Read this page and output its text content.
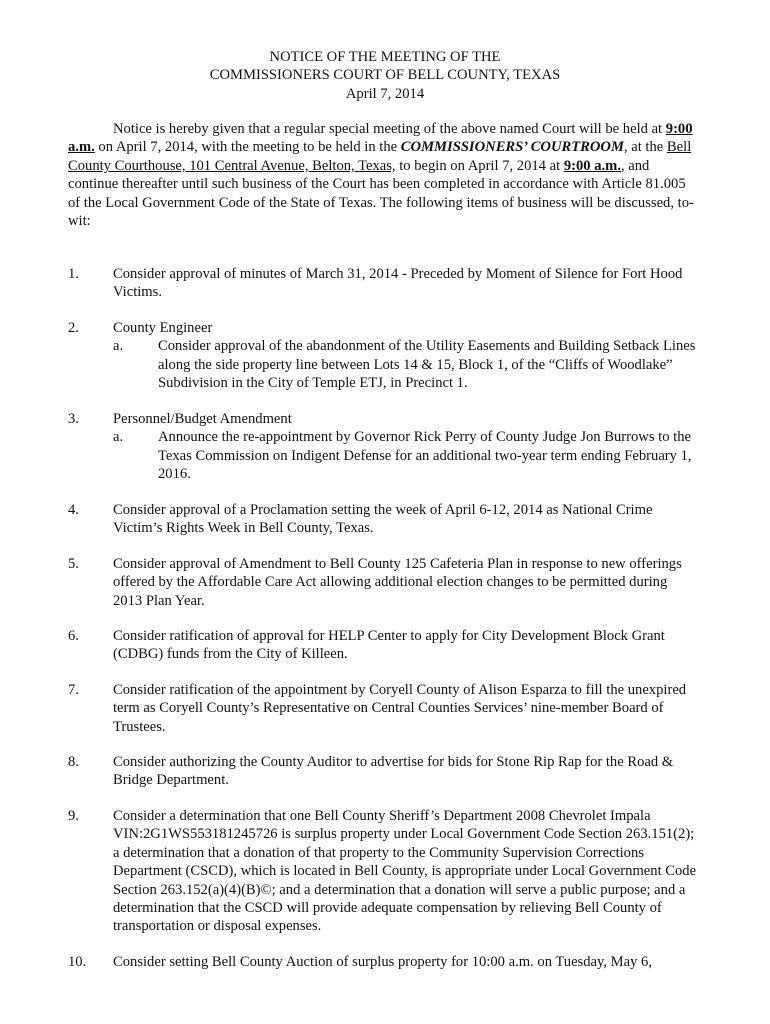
NOTICE OF THE MEETING OF THE
COMMISSIONERS COURT OF BELL COUNTY, TEXAS
April 7, 2014

Notice is hereby given that a regular special meeting of the above named Court will be held at 9:00 a.m. on April 7, 2014, with the meeting to be held in the COMMISSIONERS’ COURTROOM, at the Bell County Courthouse, 101 Central Avenue, Belton, Texas, to begin on April 7, 2014 at 9:00 a.m., and continue thereafter until such business of the Court has been completed in accordance with Article 81.005 of the Local Government Code of the State of Texas. The following items of business will be discussed, to-wit:

1. Consider approval of minutes of March 31, 2014 - Preceded by Moment of Silence for Fort Hood Victims.
2. County Engineer
a. Consider approval of the abandonment of the Utility Easements and Building Setback Lines along the side property line between Lots 14 & 15, Block 1, of the “Cliffs of Woodlake” Subdivision in the City of Temple ETJ, in Precinct 1.
3. Personnel/Budget Amendment
a. Announce the re-appointment by Governor Rick Perry of County Judge Jon Burrows to the Texas Commission on Indigent Defense for an additional two-year term ending February 1, 2016.
4. Consider approval of a Proclamation setting the week of April 6-12, 2014 as National Crime Victim’s Rights Week in Bell County, Texas.
5. Consider approval of Amendment to Bell County 125 Cafeteria Plan in response to new offerings offered by the Affordable Care Act allowing additional election changes to be permitted during 2013 Plan Year.
6. Consider ratification of approval for HELP Center to apply for City Development Block Grant (CDBG) funds from the City of Killeen.
7. Consider ratification of the appointment by Coryell County of Alison Esparza to fill the unexpired term as Coryell County’s Representative on Central Counties Services’ nine-member Board of Trustees.
8. Consider authorizing the County Auditor to advertise for bids for Stone Rip Rap for the Road & Bridge Department.
9. Consider a determination that one Bell County Sheriff’s Department 2008 Chevrolet Impala VIN:2G1WS553181245726 is surplus property under Local Government Code Section 263.151(2); a determination that a donation of that property to the Community Supervision Corrections Department (CSCD), which is located in Bell County, is appropriate under Local Government Code Section 263.152(a)(4)(B)©; and a determination that a donation will serve a public purpose; and a determination that the CSCD will provide adequate compensation by relieving Bell County of transportation or disposal expenses.
10. Consider setting Bell County Auction of surplus property for 10:00 a.m. on Tuesday, May 6,
